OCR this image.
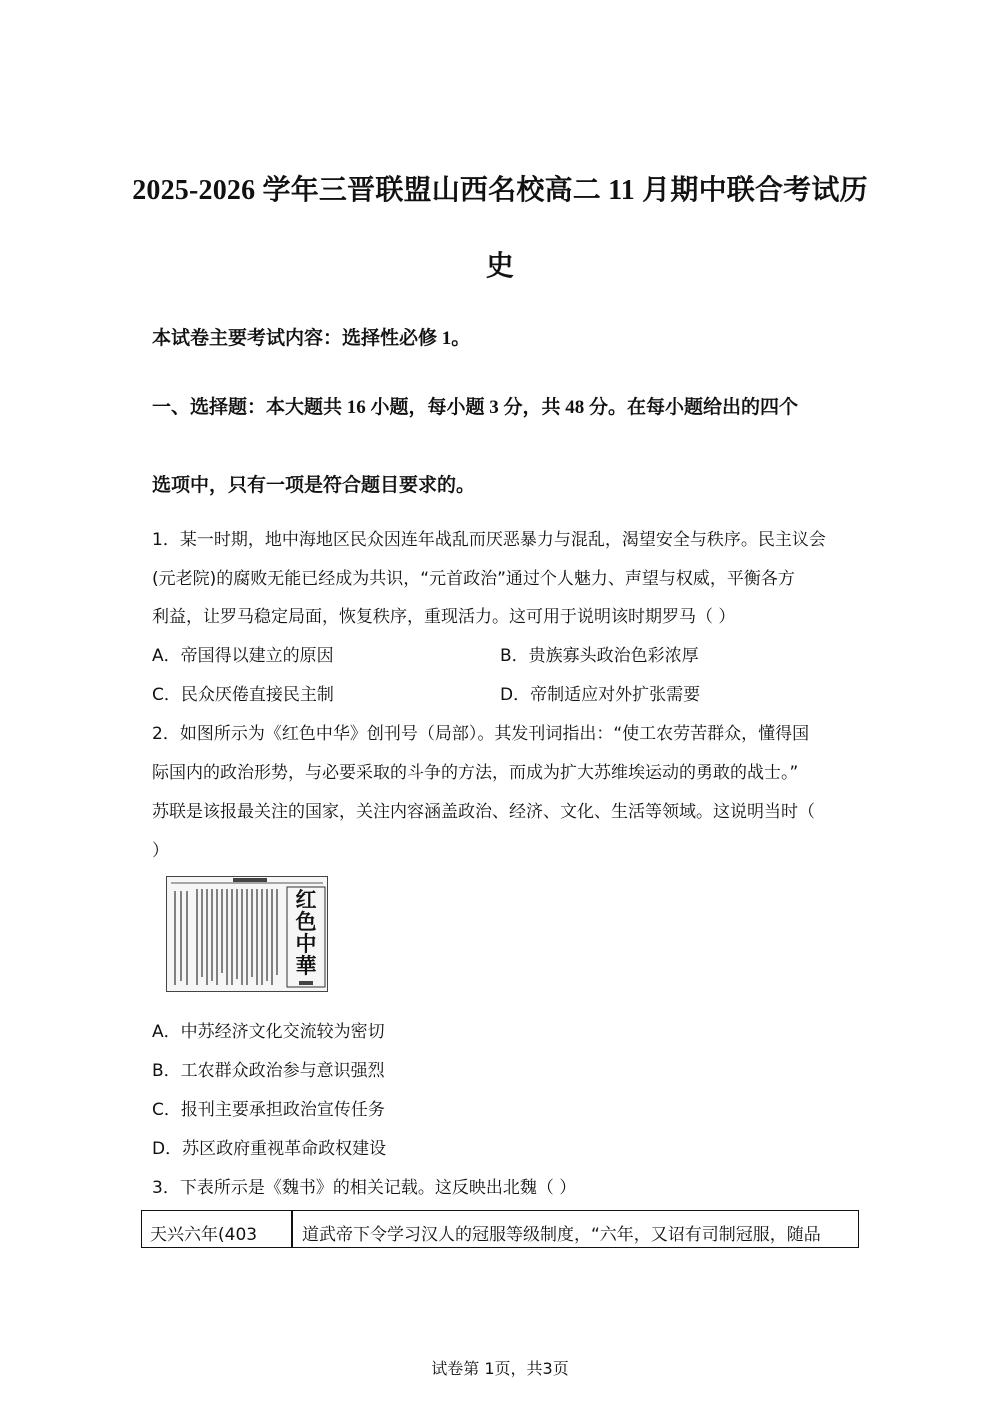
2025-2026 学年三晋联盟山西名校高二 11 月期中联合考试历
史
本试卷主要考试内容：选择性必修 1。
一、选择题：本大题共 16 小题，每小题 3 分，共 48 分。在每小题给出的四个
选项中，只有一项是符合题目要求的。
1．某一时期，地中海地区民众因连年战乱而厌恶暴力与混乱，渴望安全与秩序。民主议会
(元老院)的腐败无能已经成为共识，“元首政治”通过个人魅力、声望与权威，平衡各方
利益，让罗马稳定局面，恢复秩序，重现活力。这可用于说明该时期罗马（ ）
A．帝国得以建立的原因	B．贵族寡头政治色彩浓厚
C．民众厌倦直接民主制	D．帝制适应对外扩张需要
2．如图所示为《红色中华》创刊号（局部）。其发刊词指出：“使工农劳苦群众，懂得国
际国内的政治形势，与必要采取的斗争的方法，而成为扩大苏维埃运动的勇敢的战士。”
苏联是该报最关注的国家，关注内容涵盖政治、经济、文化、生活等领域。这说明当时（
）
红色中華
A．中苏经济文化交流较为密切
B．工农群众政治参与意识强烈
C．报刊主要承担政治宣传任务
D．苏区政府重视革命政权建设
3．下表所示是《魏书》的相关记载。这反映出北魏（ ）
天兴六年(403	道武帝下令学习汉人的冠服等级制度，“六年，又诏有司制冠服，随品
试卷第 1页，共3页
